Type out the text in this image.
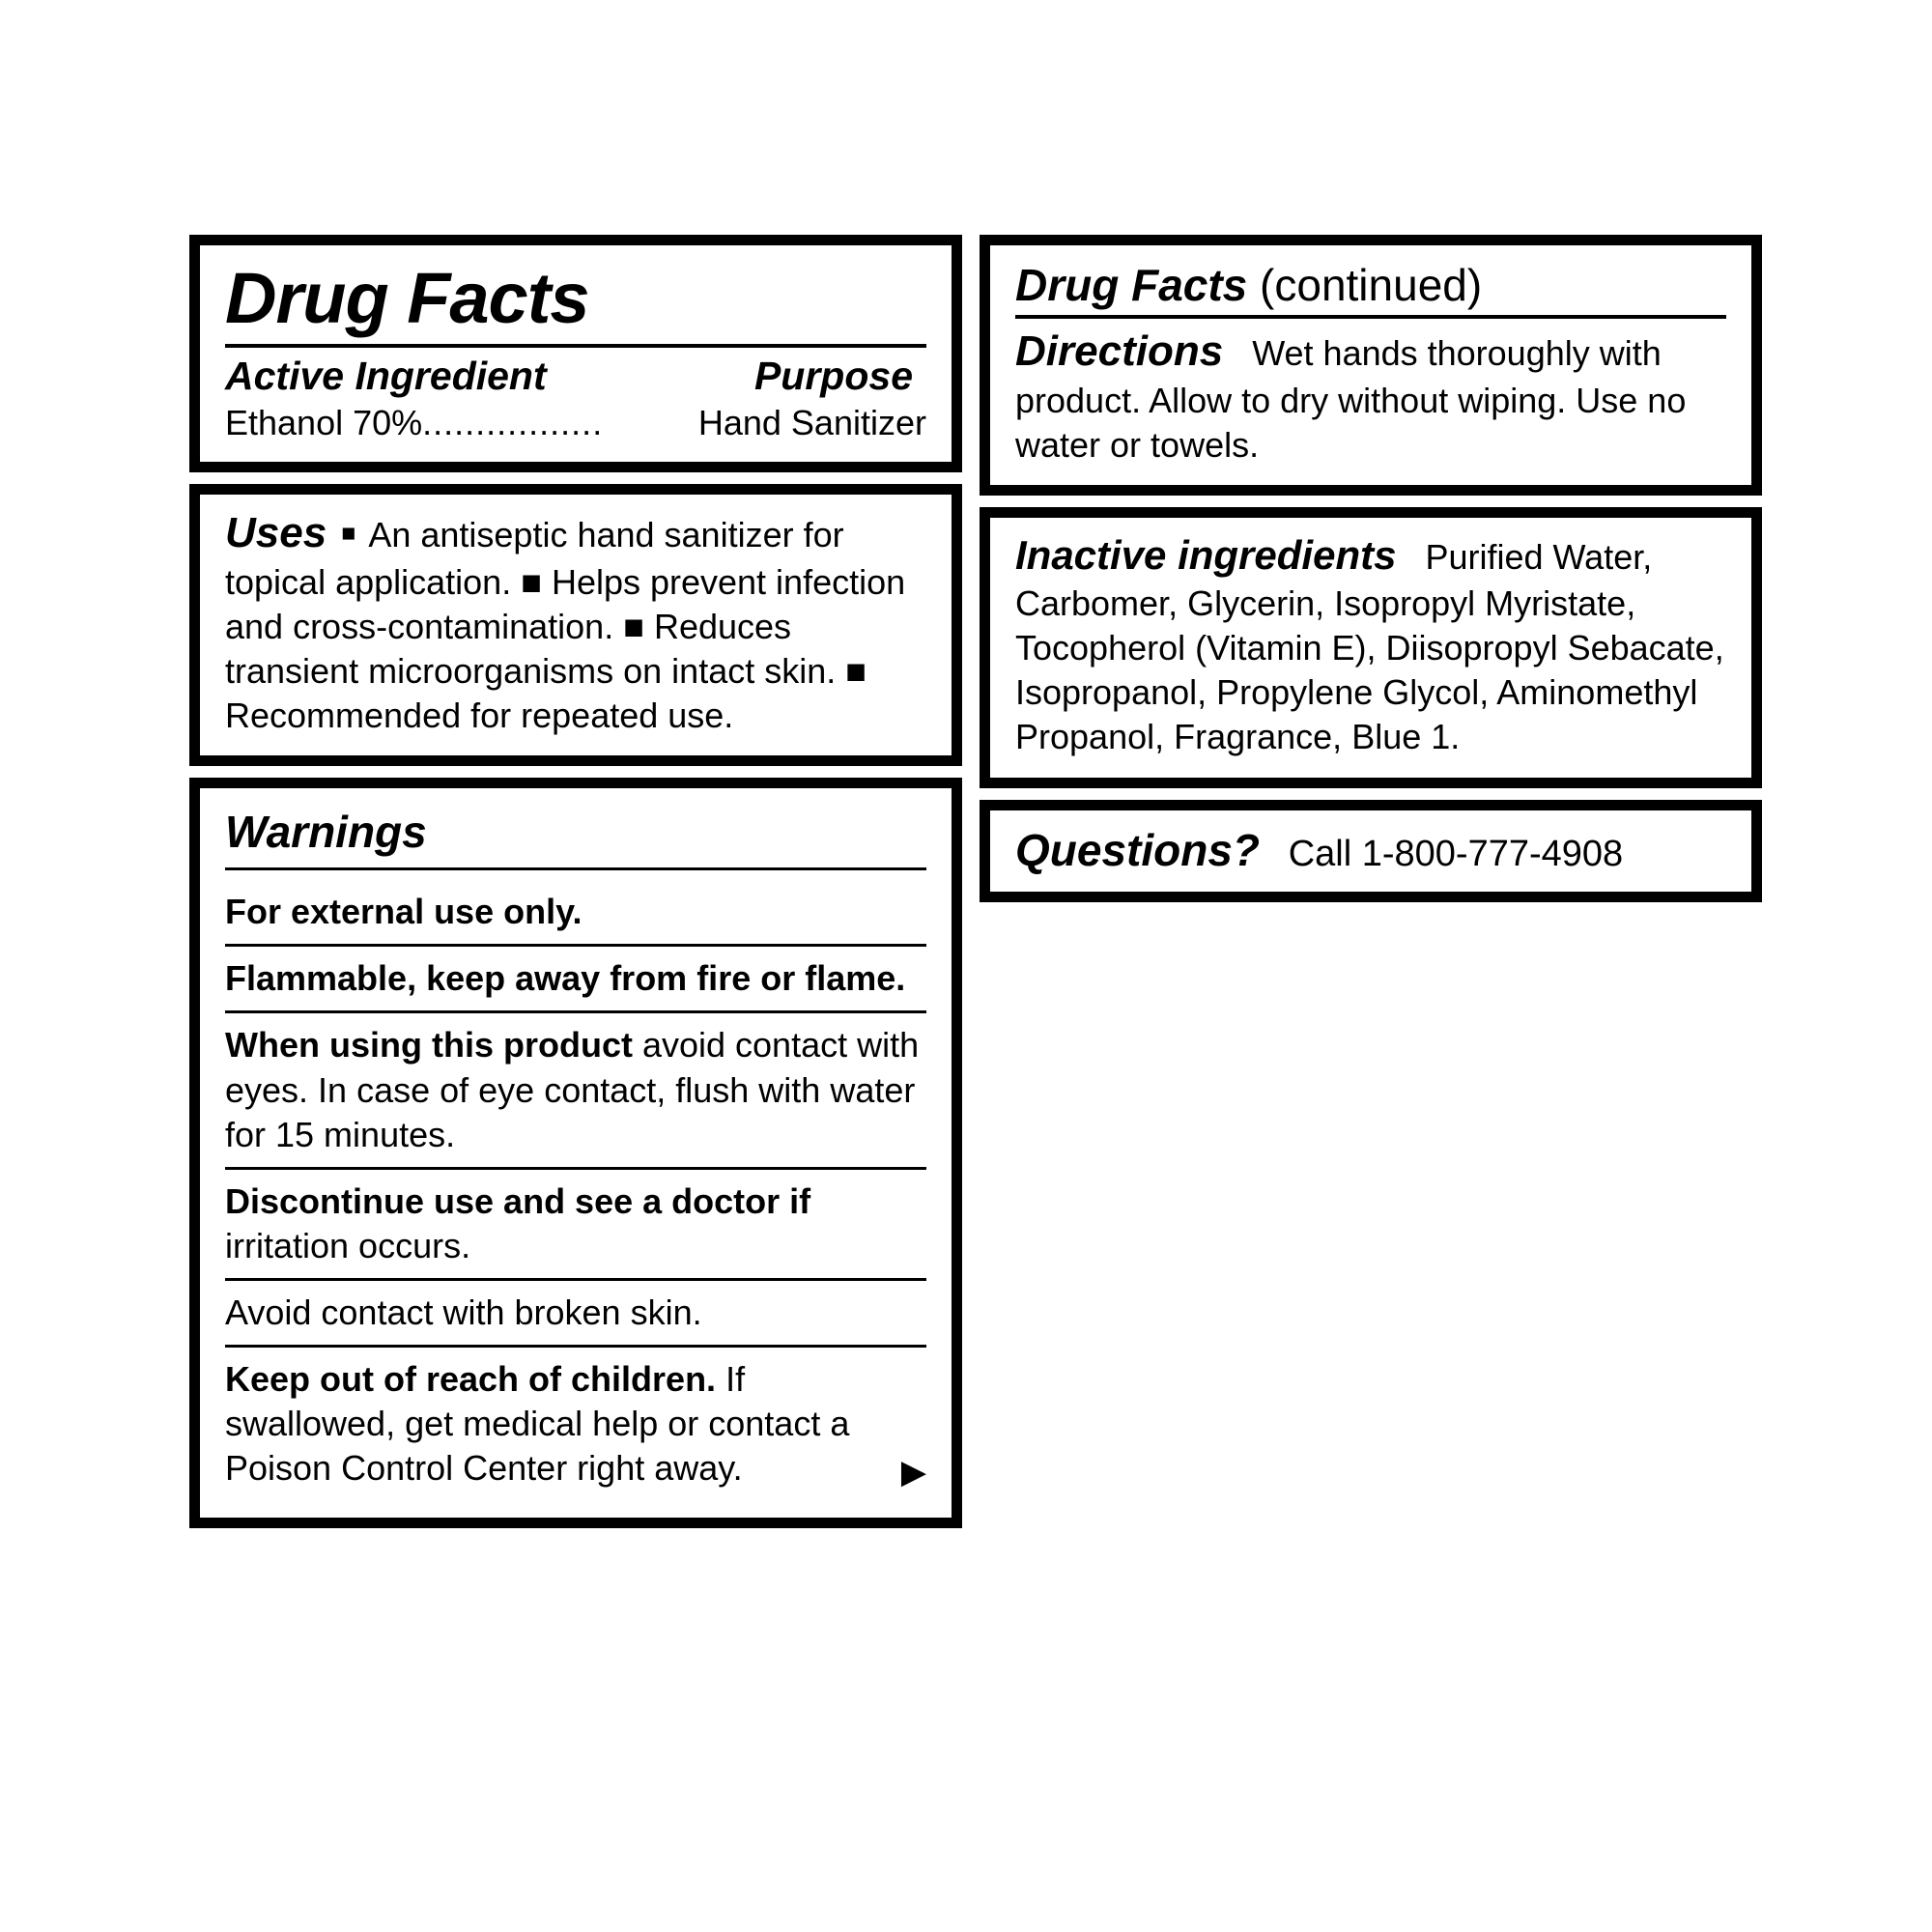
Drug Facts
Active Ingredient	Purpose
Ethanol 70% .................	Hand Sanitizer
Uses ■ An antiseptic hand sanitizer for topical application. ■ Helps prevent infection and cross-contamination. ■ Reduces transient microorganisms on intact skin. ■ Recommended for repeated use.
Warnings
For external use only.
Flammable, keep away from fire or flame.
When using this product avoid contact with eyes. In case of eye contact, flush with water for 15 minutes.
Discontinue use and see a doctor if irritation occurs.
Avoid contact with broken skin.
Keep out of reach of children. If swallowed, get medical help or contact a Poison Control Center right away.	▶
Drug Facts (continued)
Directions Wet hands thoroughly with product. Allow to dry without wiping. Use no water or towels.
Inactive ingredients Purified Water, Carbomer, Glycerin, Isopropyl Myristate, Tocopherol (Vitamin E), Diisopropyl Sebacate, Isopropanol, Propylene Glycol, Aminomethyl Propanol, Fragrance, Blue 1.
Questions? Call 1-800-777-4908
